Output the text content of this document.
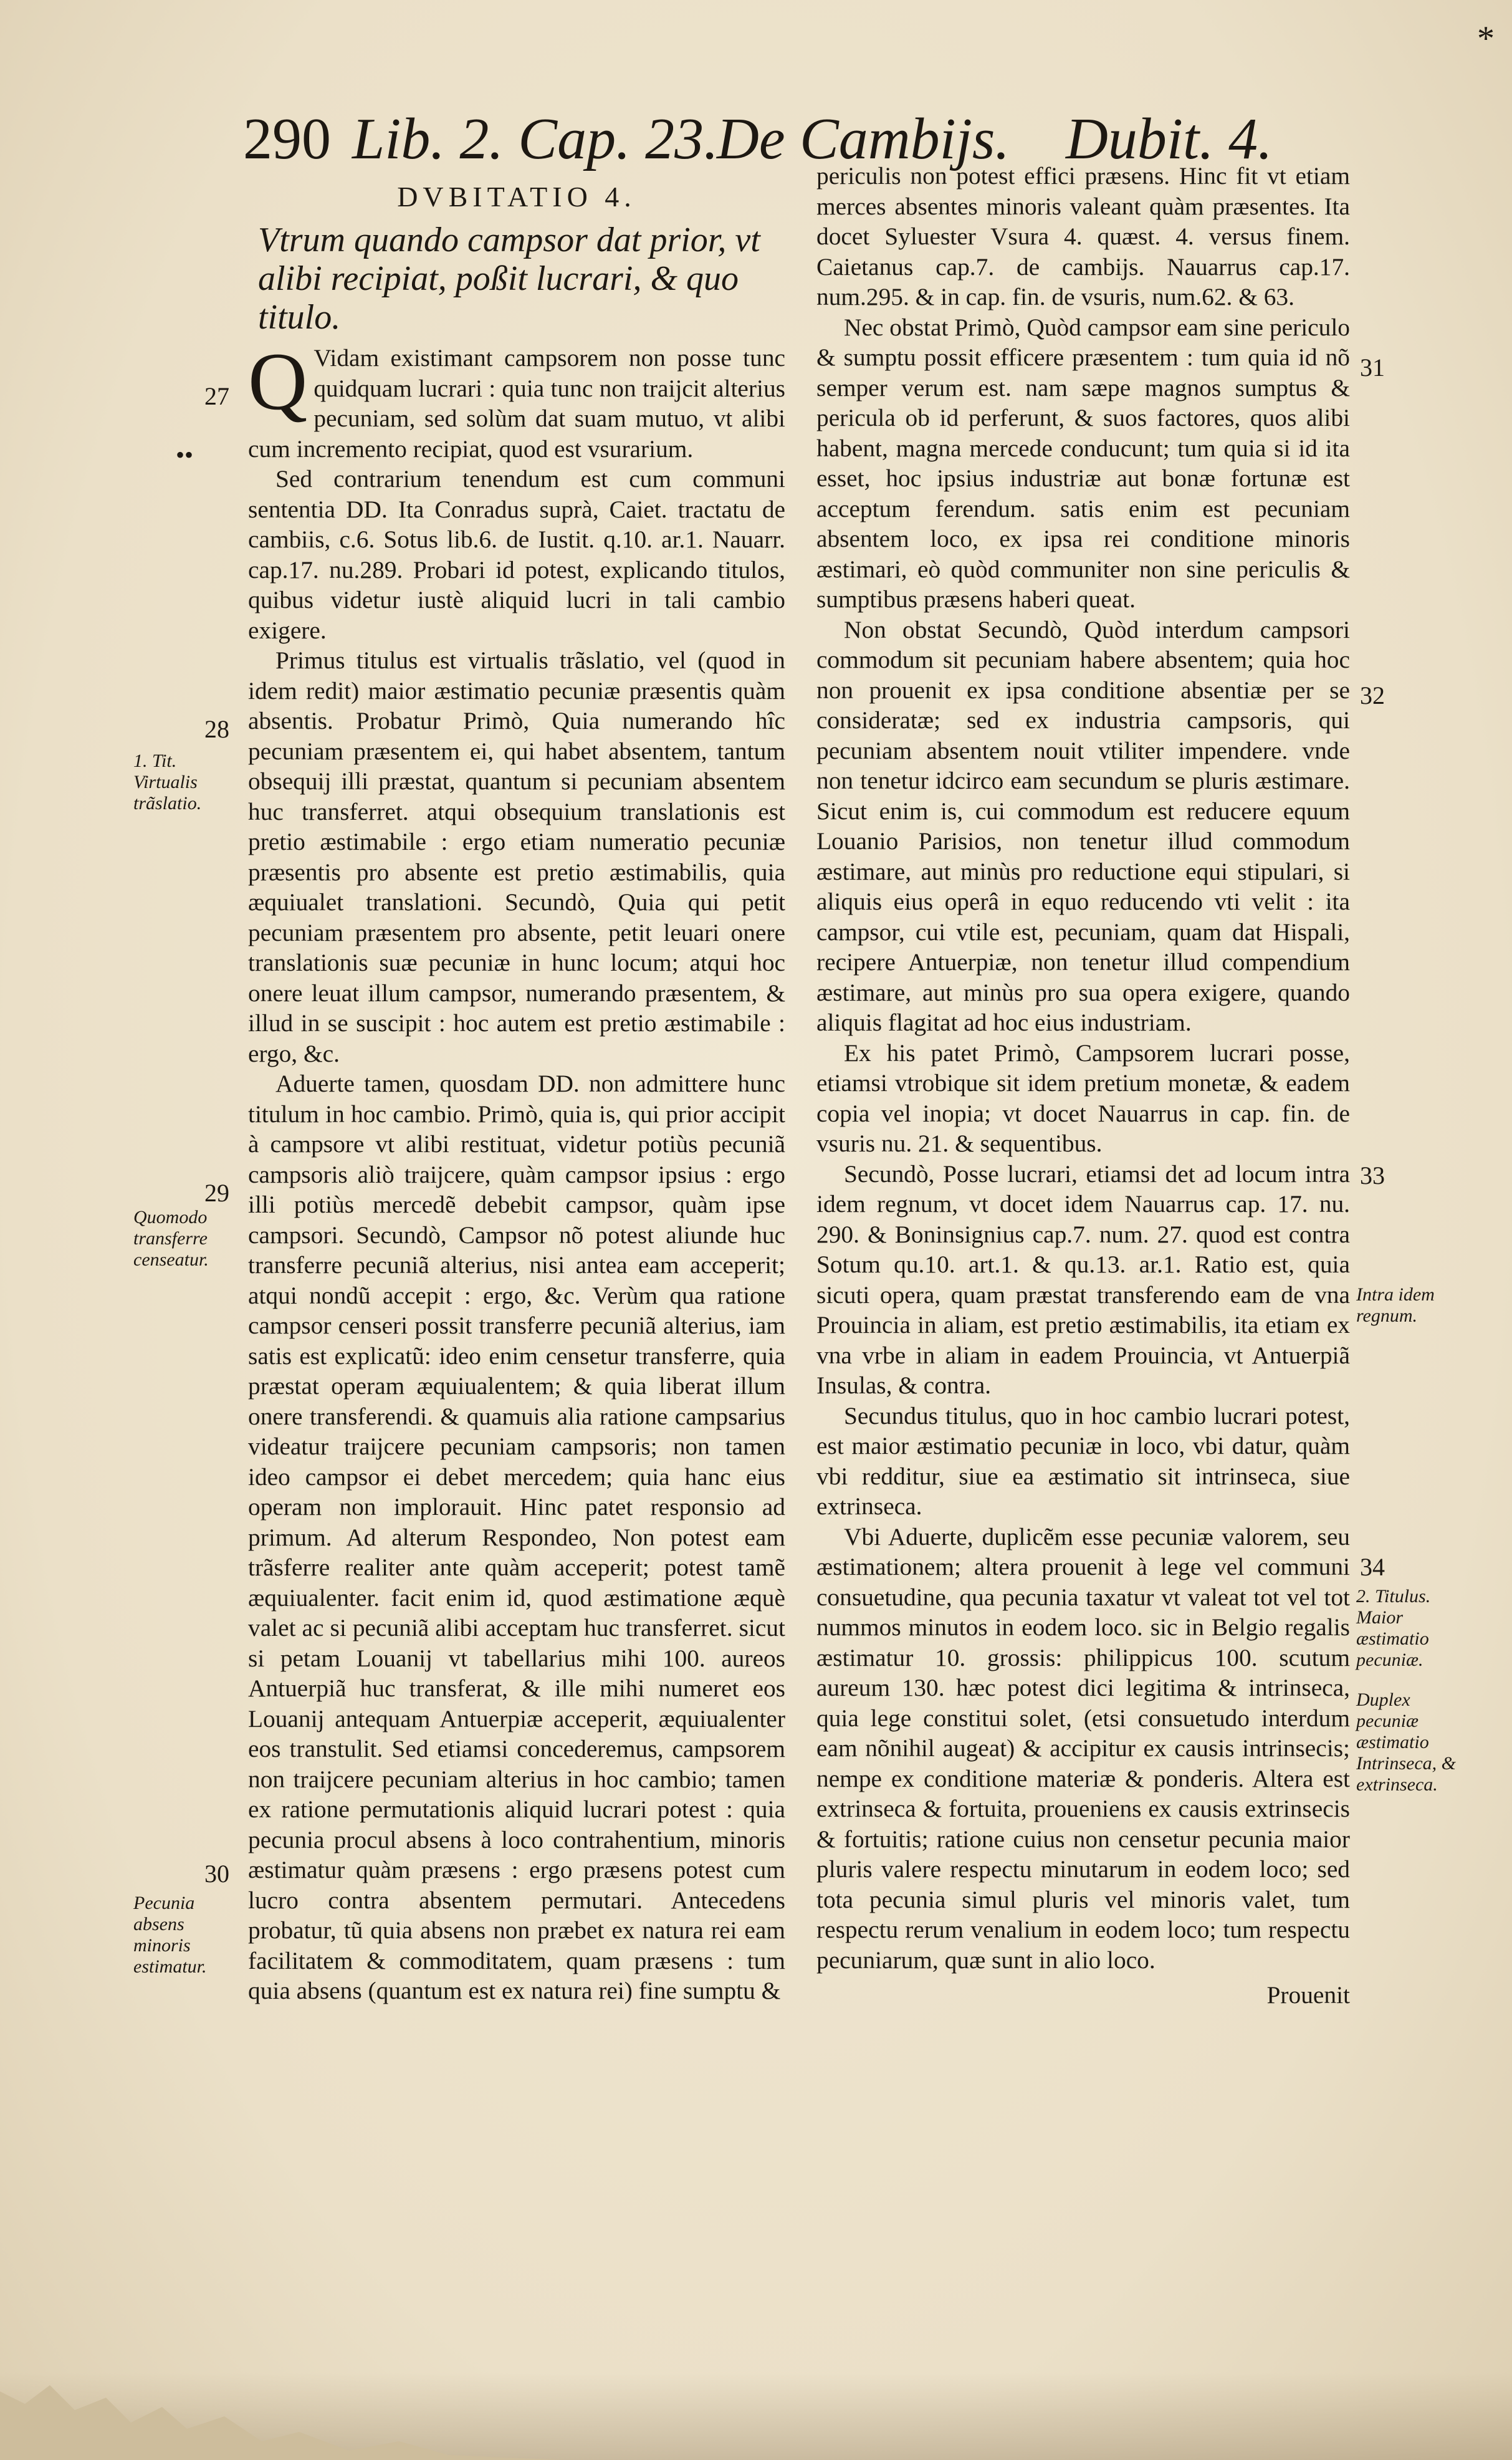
*
290 Lib. 2. Cap. 23.
De Cambijs. Dubit. 4.

DVBITATIO 4.

Vtrum quando campsor dat prior, vt alibi recipiat, poßit lucrari, & quo titulo.

Q Vidam existimant campsorem non posse tunc quidquam lucrari : quia tunc non traijcit alterius pecuniam, sed solùm dat suam mutuo, vt alibi cum incremento recipiat, quod est vsurarium.

Sed contrarium tenendum est cum communi sententia DD. Ita Conradus suprà, Caiet. tractatu de cambiis, c.6. Sotus lib.6. de Iustit. q.10. ar.1. Nauarr. cap.17. nu.289. Probari id potest, explicando titulos, quibus videtur iustè aliquid lucri in tali cambio exigere.

Primus titulus est virtualis trãslatio, vel (quod in idem redit) maior æstimatio pecuniæ præsentis quàm absentis. Probatur Primò, Quia numerando hîc pecuniam præsentem ei, qui habet absentem, tantum obsequij illi præstat, quantum si pecuniam absentem huc transferret. atqui obsequium translationis est pretio æstimabile : ergo etiam numeratio pecuniæ præsentis pro absente est pretio æstimabilis, quia æquiualet translationi. Secundò, Quia qui petit pecuniam præsentem pro absente, petit leuari onere translationis suæ pecuniæ in hunc locum; atqui hoc onere leuat illum campsor, numerando præsentem, & illud in se suscipit : hoc autem est pretio æstimabile : ergo, &c.

Aduerte tamen, quosdam DD. non admittere hunc titulum in hoc cambio. Primò, quia is, qui prior accipit à campsore vt alibi restituat, videtur potiùs pecuniã campsoris aliò traijcere, quàm campsor ipsius : ergo illi potiùs mercedẽ debebit campsor, quàm ipse campsori. Secundò, Campsor nõ potest aliunde huc transferre pecuniã alterius, nisi antea eam acceperit; atqui nondũ accepit : ergo, &c. Verùm qua ratione campsor censeri possit transferre pecuniã alterius, iam satis est explicatũ: ideo enim censetur transferre, quia præstat operam æquiualentem; & quia liberat illum onere transferendi. & quamuis alia ratione campsarius videatur traijcere pecuniam campsoris; non tamen ideo campsor ei debet mercedem; quia hanc eius operam non implorauit. Hinc patet responsio ad primum. Ad alterum Respondeo, Non potest eam trãsferre realiter ante quàm acceperit; potest tamẽ æquiualenter. facit enim id, quod æstimatione æquè valet ac si pecuniã alibi acceptam huc transferret. sicut si petam Louanij vt tabellarius mihi 100. aureos Antuerpiã huc transferat, & ille mihi numeret eos Louanij antequam Antuerpiæ acceperit, æquiualenter eos transtulit. Sed etiamsi concederemus, campsorem non traijcere pecuniam alterius in hoc cambio; tamen ex ratione permutationis aliquid lucrari potest : quia pecunia procul absens à loco contrahentium, minoris æstimatur quàm præsens : ergo præsens potest cum lucro contra absentem permutari. Antecedens probatur, tũ quia absens non præbet ex natura rei eam facilitatem & commoditatem, quam præsens : tum quia absens (quantum est ex natura rei) fine sumptu &

27
••
28
29
30
1. Tit. Virtualis trãslatio.
Quomodo transferre censeatur.
Pecunia absens minoris estimatur.

periculis non potest effici præsens. Hinc fit vt etiam merces absentes minoris valeant quàm præsentes. Ita docet Syluester Vsura 4. quæst. 4. versus finem. Caietanus cap.7. de cambijs. Nauarrus cap.17. num.295. & in cap. fin. de vsuris, num.62. & 63.

Nec obstat Primò, Quòd campsor eam sine periculo & sumptu possit efficere præsentem : tum quia id nõ semper verum est. nam sæpe magnos sumptus & pericula ob id perferunt, & suos factores, quos alibi habent, magna mercede conducunt; tum quia si id ita esset, hoc ipsius industriæ aut bonæ fortunæ est acceptum ferendum. satis enim est pecuniam absentem loco, ex ipsa rei conditione minoris æstimari, eò quòd communiter non sine periculis & sumptibus præsens haberi queat.

Non obstat Secundò, Quòd interdum campsori commodum sit pecuniam habere absentem; quia hoc non prouenit ex ipsa conditione absentiæ per se consideratæ; sed ex industria campsoris, qui pecuniam absentem nouit vtiliter impendere. vnde non tenetur idcirco eam secundum se pluris æstimare. Sicut enim is, cui commodum est reducere equum Louanio Parisios, non tenetur illud commodum æstimare, aut minùs pro reductione equi stipulari, si aliquis eius operâ in equo reducendo vti velit : ita campsor, cui vtile est, pecuniam, quam dat Hispali, recipere Antuerpiæ, non tenetur illud compendium æstimare, aut minùs pro sua opera exigere, quando aliquis flagitat ad hoc eius industriam.

Ex his patet Primò, Campsorem lucrari posse, etiamsi vtrobique sit idem pretium monetæ, & eadem copia vel inopia; vt docet Nauarrus in cap. fin. de vsuris nu. 21. & sequentibus.

Secundò, Posse lucrari, etiamsi det ad locum intra idem regnum, vt docet idem Nauarrus cap. 17. nu. 290. & Boninsignius cap.7. num. 27. quod est contra Sotum qu.10. art.1. & qu.13. ar.1. Ratio est, quia sicuti opera, quam præstat transferendo eam de vna Prouincia in aliam, est pretio æstimabilis, ita etiam ex vna vrbe in aliam in eadem Prouincia, vt Antuerpiã Insulas, & contra.

Secundus titulus, quo in hoc cambio lucrari potest, est maior æstimatio pecuniæ in loco, vbi datur, quàm vbi redditur, siue ea æstimatio sit intrinseca, siue extrinseca.

Vbi Aduerte, duplicẽm esse pecuniæ valorem, seu æstimationem; altera prouenit à lege vel communi consuetudine, qua pecunia taxatur vt valeat tot vel tot nummos minutos in eodem loco. sic in Belgio regalis æstimatur 10. grossis: philippicus 100. scutum aureum 130. hæc potest dici legitima & intrinseca, quia lege constitui solet, (etsi consuetudo interdum eam nõnihil augeat) & accipitur ex causis intrinsecis; nempe ex conditione materiæ & ponderis. Altera est extrinseca & fortuita, proueniens ex causis extrinsecis & fortuitis; ratione cuius non censetur pecunia maior pluris valere respectu minutarum in eodem loco; sed tota pecunia simul pluris vel minoris valet, tum respectu rerum venalium in eodem loco; tum respectu pecuniarum, quæ sunt in alio loco.

Prouenit

31
32
33
34
Intra idem regnum.
2. Titulus. Maior æstimatio pecuniæ.
Duplex pecuniæ æstimatio Intrinseca, & extrinseca.
